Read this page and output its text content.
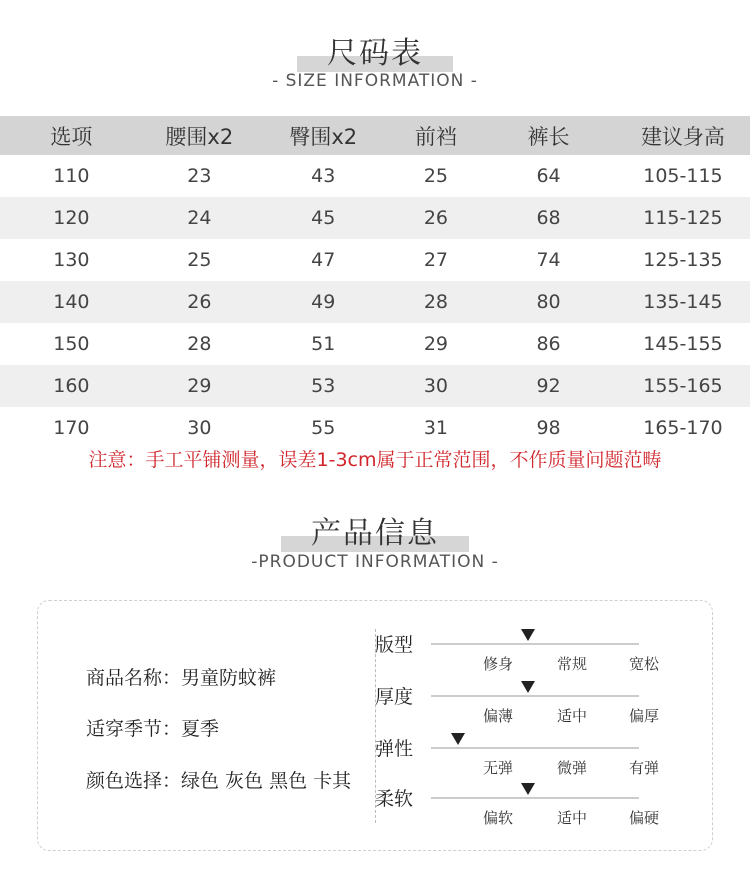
尺码表
- SIZE INFORMATION -
选项	腰围x2	臀围x2	前裆	裤长	建议身高
110	23	43	25	64	105-115
120	24	45	26	68	115-125
130	25	47	27	74	125-135
140	26	49	28	80	135-145
150	28	51	29	86	145-155
160	29	53	30	92	155-165
170	30	55	31	98	165-170
注意：手工平铺测量，误差1-3cm属于正常范围，不作质量问题范畴
产品信息
-PRODUCT INFORMATION -
商品名称：男童防蚊裤
适穿季节：夏季
颜色选择：绿色 灰色 黑色 卡其
版型
修身	常规	宽松
厚度
偏薄	适中	偏厚
弹性
无弹	微弹	有弹
柔软
偏软	适中	偏硬
